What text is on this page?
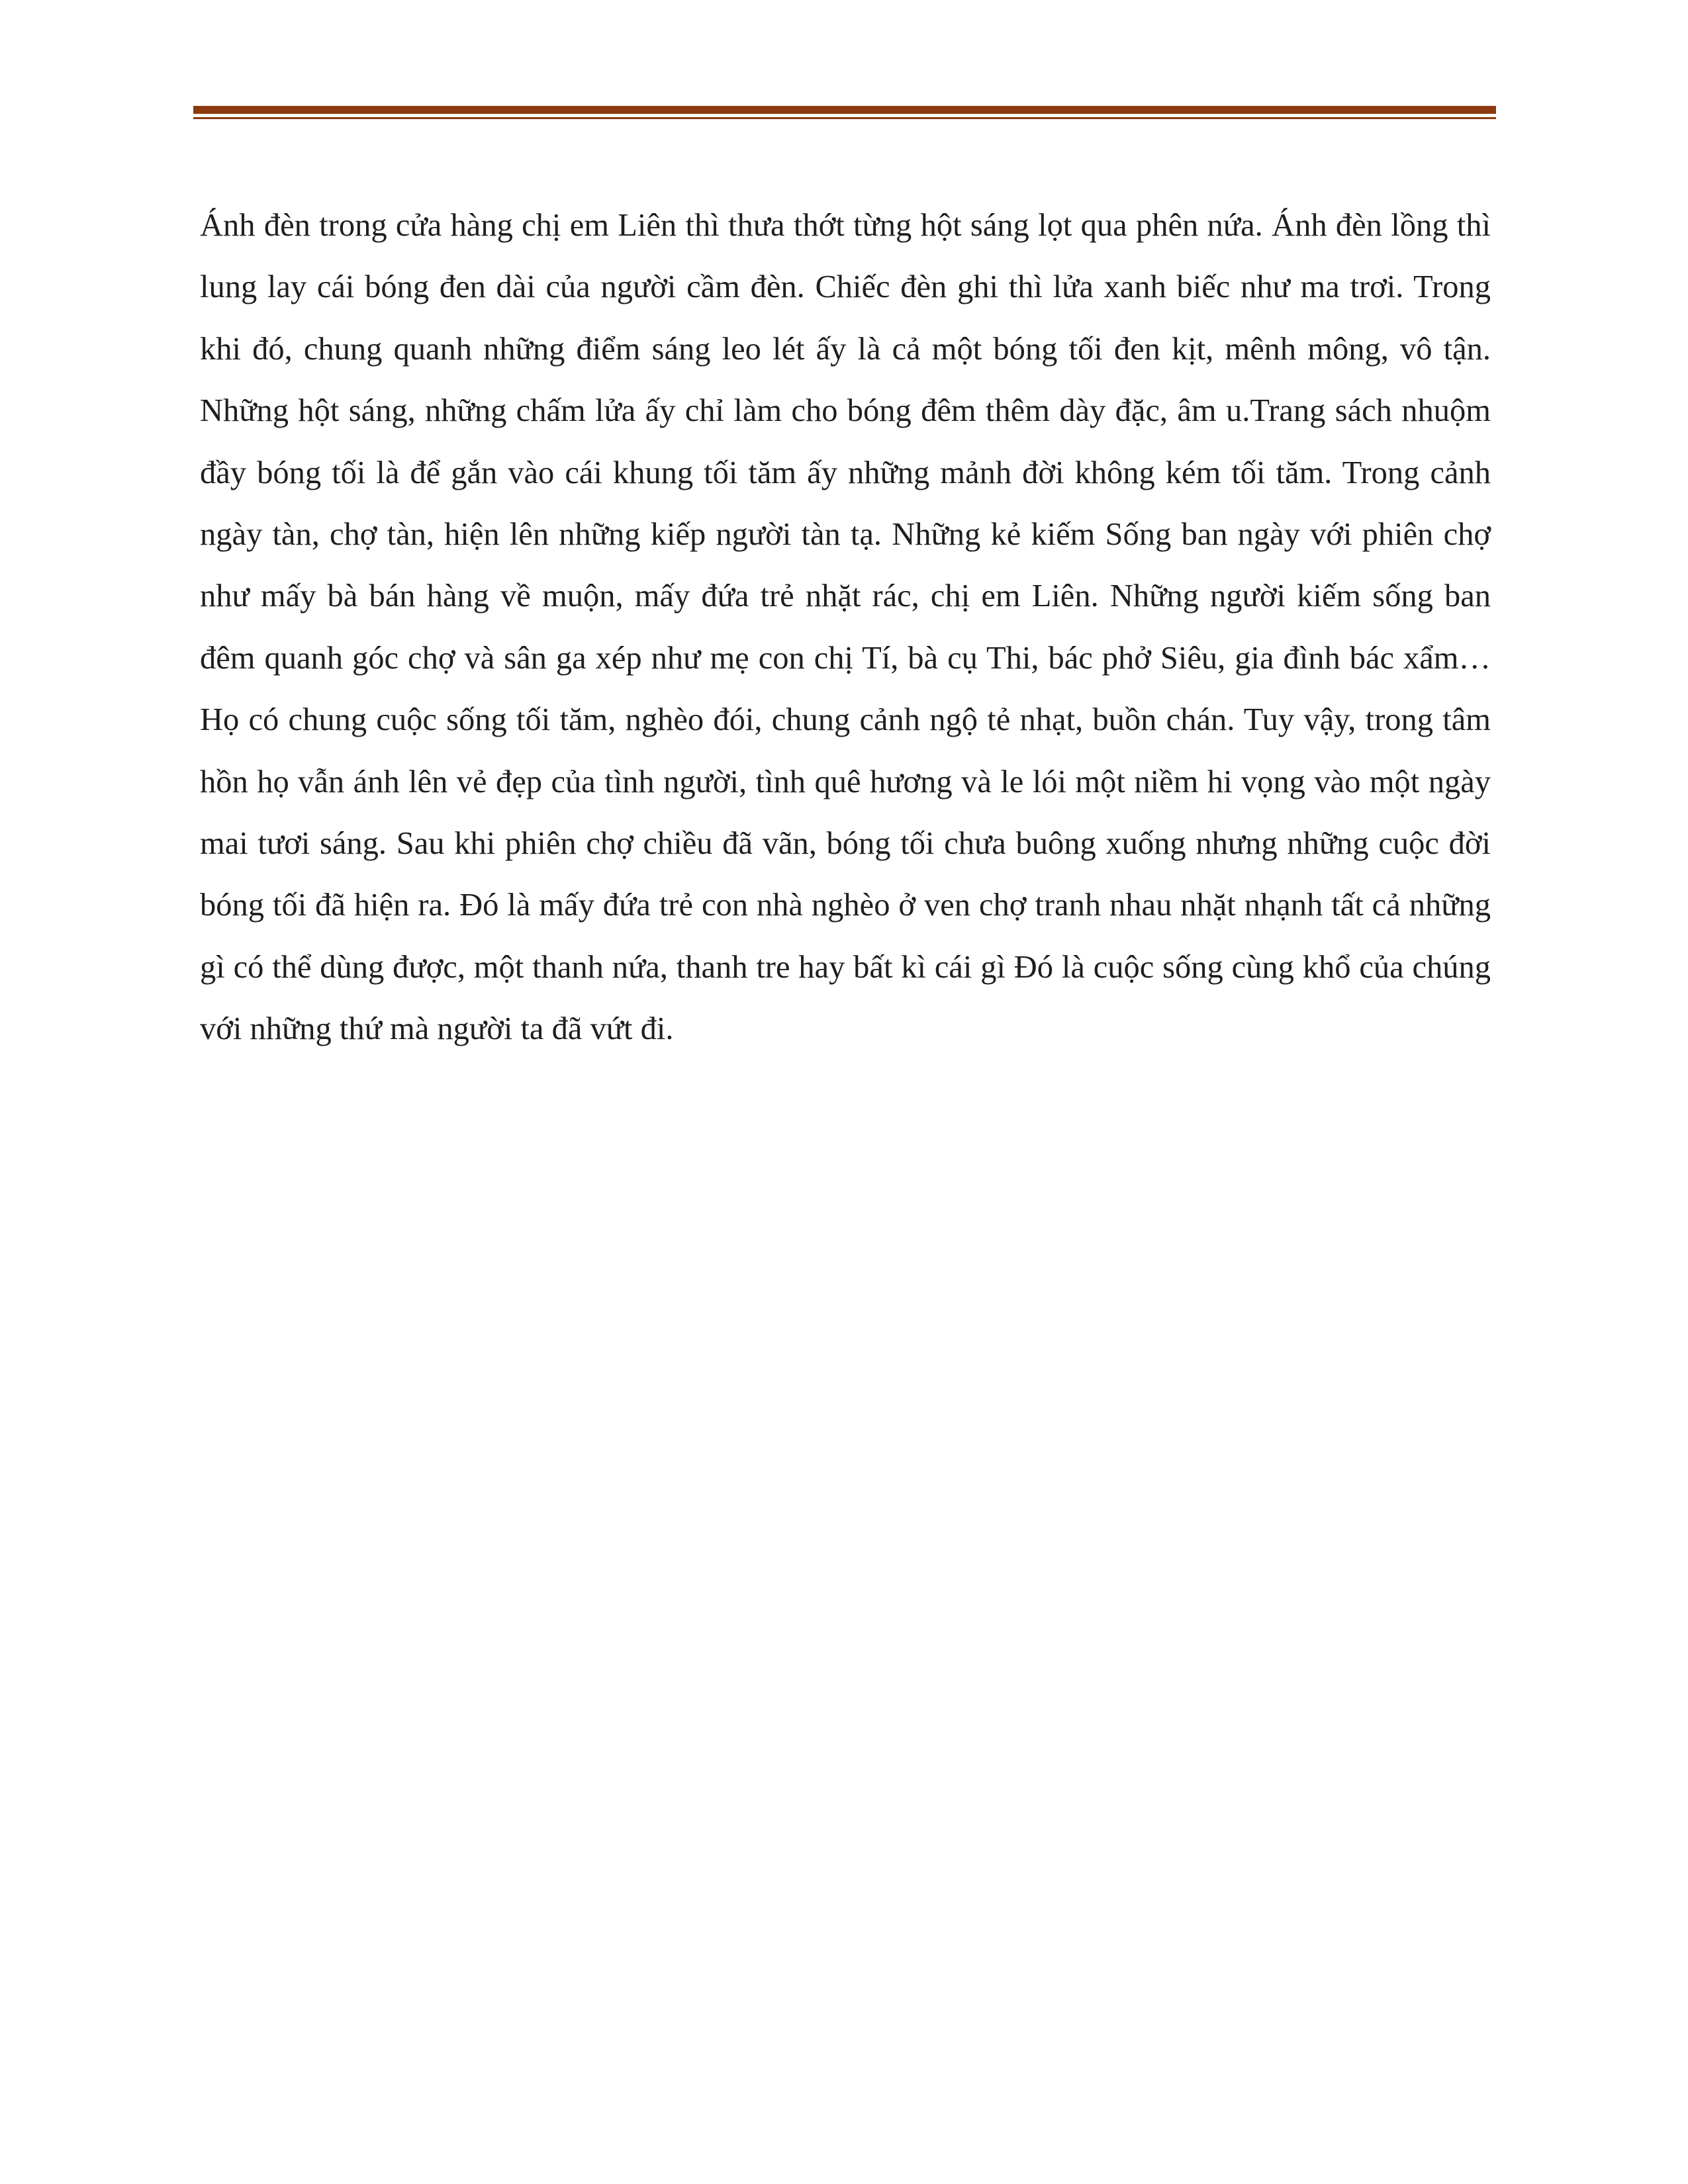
Ánh đèn trong cửa hàng chị em Liên thì thưa thớt từng hột sáng lọt qua phên nứa. Ánh đèn lồng thì lung lay cái bóng đen dài của người cầm đèn. Chiếc đèn ghi thì lửa xanh biếc như ma trơi. Trong khi đó, chung quanh những điểm sáng leo lét ấy là cả một bóng tối đen kịt, mênh mông, vô tận. Những hột sáng, những chấm lửa ấy chỉ làm cho bóng đêm thêm dày đặc, âm u.Trang sách nhuộm đầy bóng tối là để gắn vào cái khung tối tăm ấy những mảnh đời không kém tối tăm. Trong cảnh ngày tàn, chợ tàn, hiện lên những kiếp người tàn tạ. Những kẻ kiếm Sống ban ngày với phiên chợ như mấy bà bán hàng về muộn, mấy đứa trẻ nhặt rác, chị em Liên. Những người kiếm sống ban đêm quanh góc chợ và sân ga xép như mẹ con chị Tí, bà cụ Thi, bác phở Siêu, gia đình bác xẩm…Họ có chung cuộc sống tối tăm, nghèo đói, chung cảnh ngộ tẻ nhạt, buồn chán. Tuy vậy, trong tâm hồn họ vẫn ánh lên vẻ đẹp của tình người, tình quê hương và le lói một niềm hi vọng vào một ngày mai tươi sáng. Sau khi phiên chợ chiều đã vãn, bóng tối chưa buông xuống nhưng những cuộc đời bóng tối đã hiện ra. Đó là mấy đứa trẻ con nhà nghèo ở ven chợ tranh nhau nhặt nhạnh tất cả những gì có thể dùng được, một thanh nứa, thanh tre hay bất kì cái gì Đó là cuộc sống cùng khổ của chúng với những thứ mà người ta đã vứt đi.
